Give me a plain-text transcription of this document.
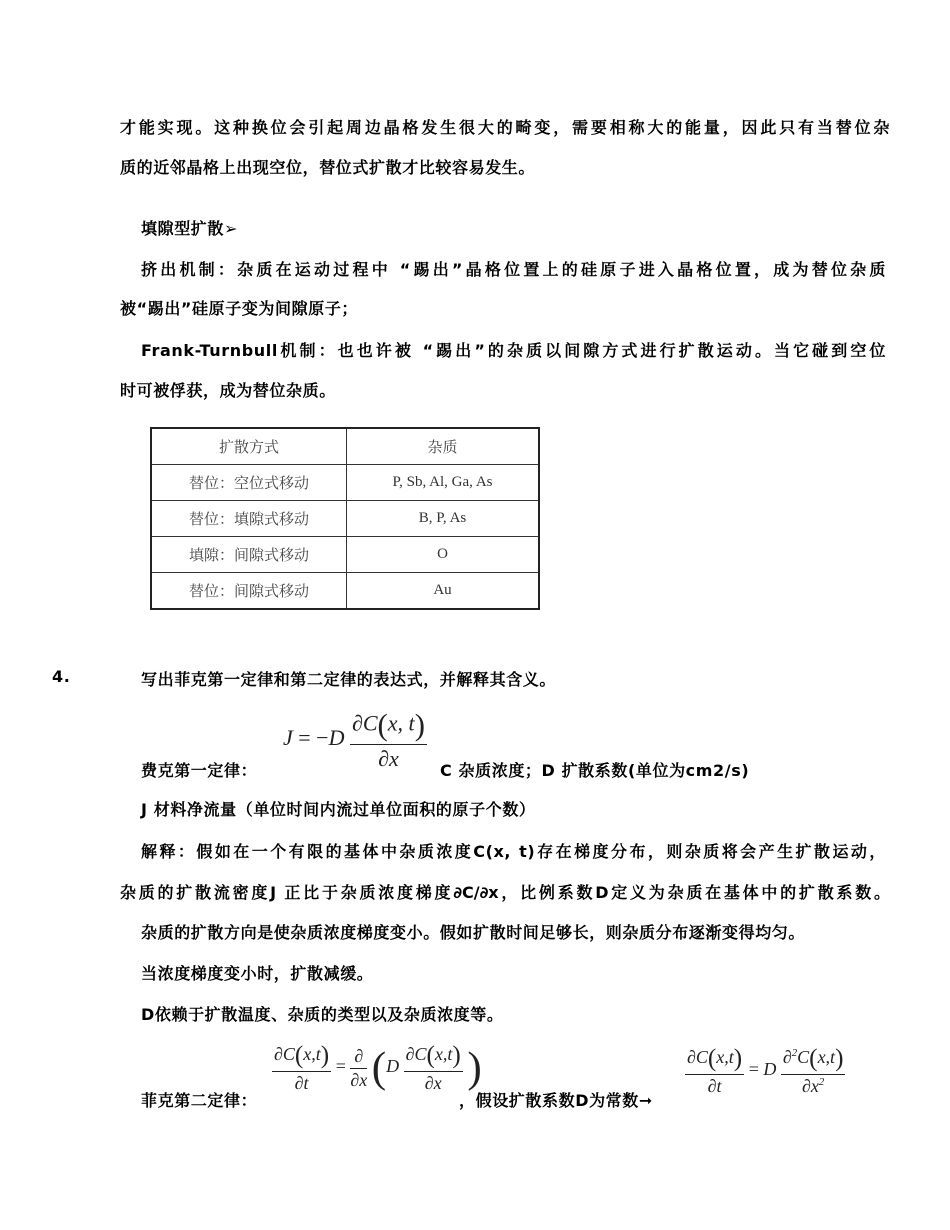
才能实现。这种换位会引起周边晶格发生很大的畸变，需要相称大的能量，因此只有当替位杂
质的近邻晶格上出现空位，替位式扩散才比较容易发生。
填隙型扩散➢
挤出机制：杂质在运动过程中 “踢出”晶格位置上的硅原子进入晶格位置，成为替位杂质
被“踢出”硅原子变为间隙原子；
Frank-Turnbull机制：也也许被 “踢出”的杂质以间隙方式进行扩散运动。当它碰到空位
时可被俘获，成为替位杂质。
扩散方式	杂质
替位：空位式移动	P, Sb, Al, Ga, As
替位：填隙式移动	B, P, As
填隙：间隙式移动	O
替位：间隙式移动	Au
4.	写出菲克第一定律和第二定律的表达式，并解释其含义。
$J = -D \frac{\partial C(x, t)}{\partial x}$
费克第一定律：	C 杂质浓度；D 扩散系数(单位为cm2/s)
J 材料净流量（单位时间内流过单位面积的原子个数）
解释：假如在一个有限的基体中杂质浓度C(x, t)存在梯度分布，则杂质将会产生扩散运动，
杂质的扩散流密度J 正比于杂质浓度梯度∂C/∂x，比例系数D定义为杂质在基体中的扩散系数。
杂质的扩散方向是使杂质浓度梯度变小。假如扩散时间足够长，则杂质分布逐渐变得均匀。
当浓度梯度变小时，扩散减缓。
D依赖于扩散温度、杂质的类型以及杂质浓度等。
$\frac{\partial C(x,t)}{\partial t} = \frac{\partial}{\partial x} (D \frac{\partial C(x,t)}{\partial x}$ )
菲克第二定律：	，假设扩散系数D为常数➞
$\frac{\partial C(x,t)}{\partial t} = D \frac{\partial^2C(x,t)}{\partial x^2}$
